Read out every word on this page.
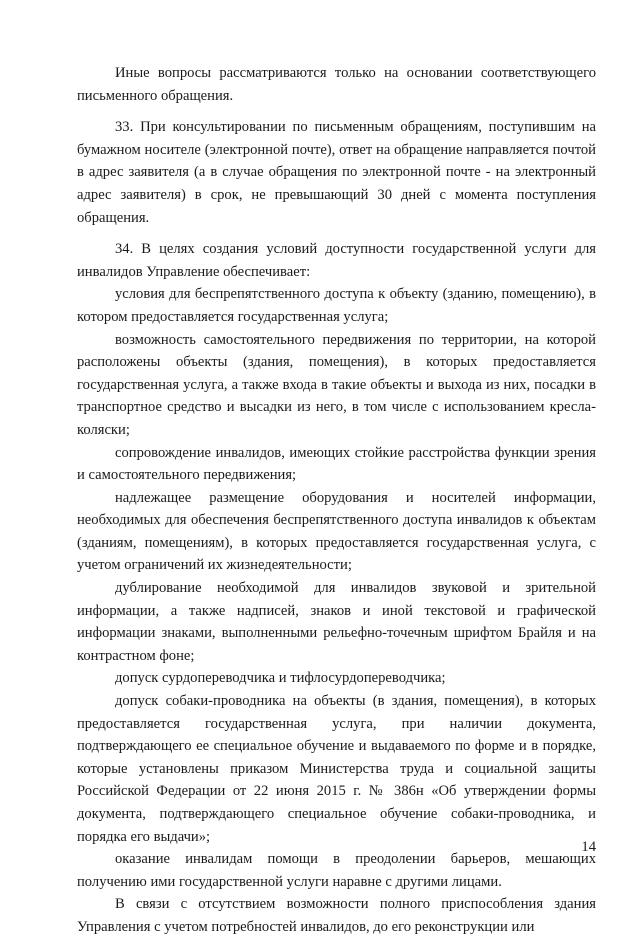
Иные вопросы рассматриваются только на основании соответствующего письменного обращения.

33. При консультировании по письменным обращениям, поступившим на бумажном носителе (электронной почте), ответ на обращение направляется почтой в адрес заявителя (а в случае обращения по электронной почте - на электронный адрес заявителя) в срок, не превышающий 30 дней с момента поступления обращения.

34. В целях создания условий доступности государственной услуги для инвалидов Управление обеспечивает:

условия для беспрепятственного доступа к объекту (зданию, помещению), в котором предоставляется государственная услуга;

возможность самостоятельного передвижения по территории, на которой расположены объекты (здания, помещения), в которых предоставляется государственная услуга, а также входа в такие объекты и выхода из них, посадки в транспортное средство и высадки из него, в том числе с использованием кресла-коляски;

сопровождение инвалидов, имеющих стойкие расстройства функции зрения и самостоятельного передвижения;

надлежащее размещение оборудования и носителей информации, необходимых для обеспечения беспрепятственного доступа инвалидов к объектам (зданиям, помещениям), в которых предоставляется государственная услуга, с учетом ограничений их жизнедеятельности;

дублирование необходимой для инвалидов звуковой и зрительной информации, а также надписей, знаков и иной текстовой и графической информации знаками, выполненными рельефно-точечным шрифтом Брайля и на контрастном фоне;

допуск сурдопереводчика и тифлосурдопереводчика;

допуск собаки-проводника на объекты (в здания, помещения), в которых предоставляется государственная услуга, при наличии документа, подтверждающего ее специальное обучение и выдаваемого по форме и в порядке, которые установлены приказом Министерства труда и социальной защиты Российской Федерации от 22 июня 2015 г. № 386н «Об утверждении формы документа, подтверждающего специальное обучение собаки-проводника, и порядка его выдачи»;

оказание инвалидам помощи в преодолении барьеров, мешающих получению ими государственной услуги наравне с другими лицами.

В связи с отсутствием возможности полного приспособления здания Управления с учетом потребностей инвалидов, до его реконструкции или

14
